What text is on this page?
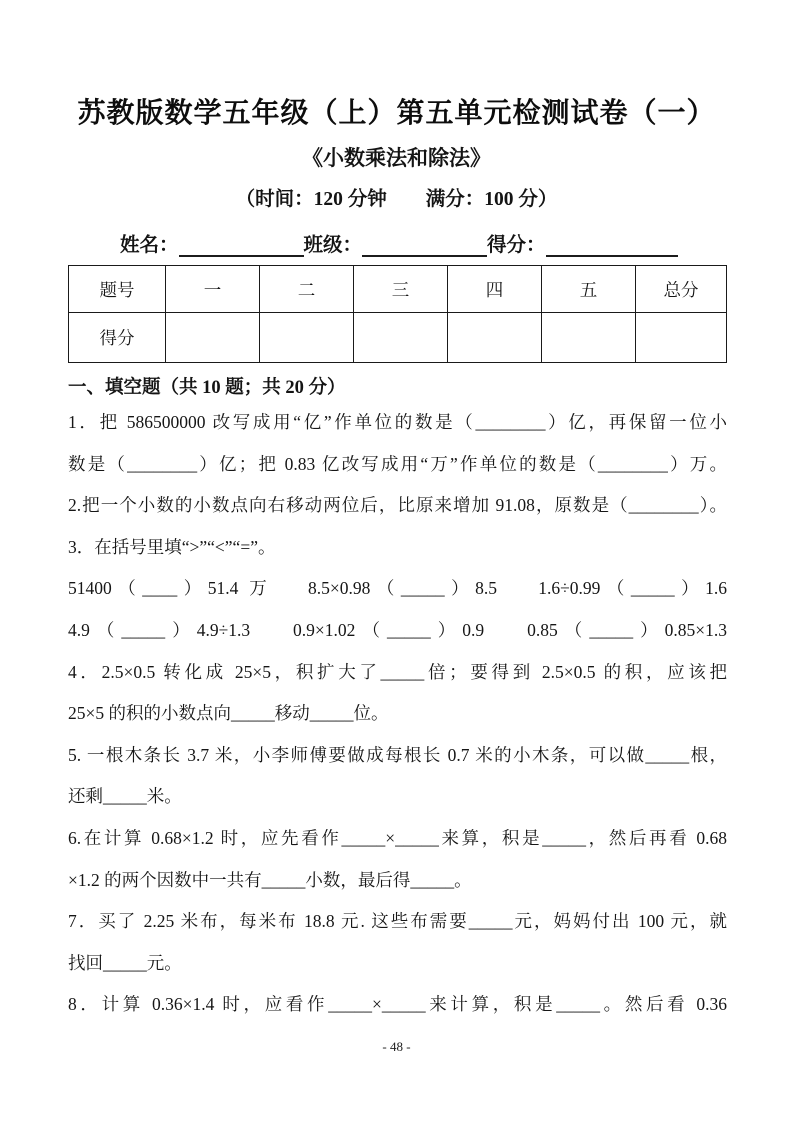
苏教版数学五年级（上）第五单元检测试卷（一）
《小数乘法和除法》
（时间：120 分钟　　满分：100 分）
姓名：	班级：	得分：
题号	一	二	三	四	五	总分
得分						
一、填空题（共 10 题；共 20 分）

1．把 586500000 改写成用“亿”作单位的数是（________）亿，再保留一位小

数是（________）亿；把 0.83 亿改写成用“万”作单位的数是（________）万。

2.把一个小数的小数点向右移动两位后，比原来增加 91.08，原数是（________）。

3．在括号里填“>”“<”“=”。

51400（____）51.4 万　 8.5×0.98（_____）8.5　 1.6÷0.99（_____）1.6

4.9（_____）4.9÷1.3　 0.9×1.02（_____）0.9　 0.85（_____）0.85×1.3

4．2.5×0.5 转化成 25×5，积扩大了_____倍；要得到 2.5×0.5 的积，应该把

25×5 的积的小数点向_____移动_____位。

5. 一根木条长 3.7 米，小李师傅要做成每根长 0.7 米的小木条，可以做_____根，

还剩_____米。

6.在计算 0.68×1.2 时，应先看作_____×_____来算，积是_____，然后再看 0.68

×1.2 的两个因数中一共有_____小数，最后得_____。

7．买了 2.25 米布，每米布 18.8 元. 这些布需要_____元，妈妈付出 100 元，就

找回_____元。

8．计算 0.36×1.4 时，应看作_____×_____来计算，积是_____。然后看 0.36

- 48 -
